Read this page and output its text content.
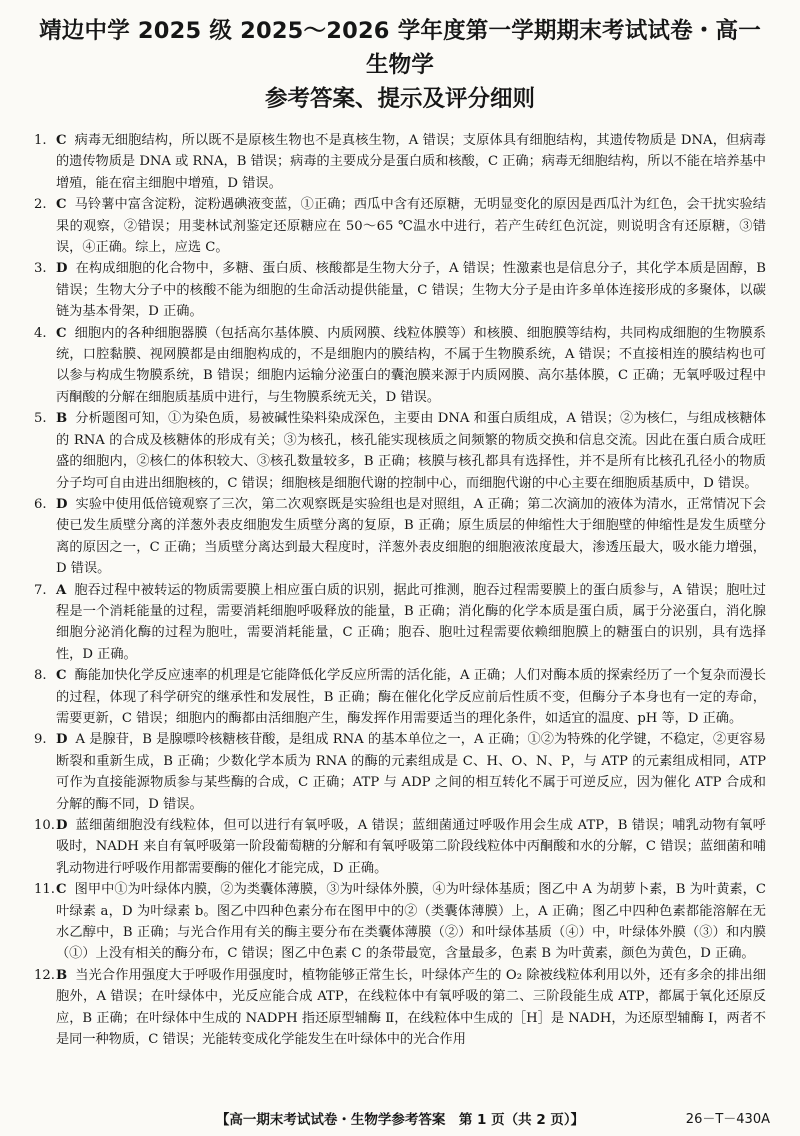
靖边中学 2025 级 2025～2026 学年度第一学期期末考试试卷・高一生物学
参考答案、提示及评分细则

1. C 病毒无细胞结构，所以既不是原核生物也不是真核生物，A 错误；支原体具有细胞结构，其遗传物质是 DNA，但病毒的遗传物质是 DNA 或 RNA，B 错误；病毒的主要成分是蛋白质和核酸，C 正确；病毒无细胞结构，所以不能在培养基中增殖，能在宿主细胞中增殖，D 错误。

2. C 马铃薯中富含淀粉，淀粉遇碘液变蓝，①正确；西瓜中含有还原糖，无明显变化的原因是西瓜汁为红色，会干扰实验结果的观察，②错误；用斐林试剂鉴定还原糖应在 50～65 ℃温水中进行，若产生砖红色沉淀，则说明含有还原糖，③错误，④正确。综上，应选 C。

3. D 在构成细胞的化合物中，多糖、蛋白质、核酸都是生物大分子，A 错误；性激素也是信息分子，其化学本质是固醇，B 错误；生物大分子中的核酸不能为细胞的生命活动提供能量，C 错误；生物大分子是由许多单体连接形成的多聚体，以碳链为基本骨架，D 正确。

4. C 细胞内的各种细胞器膜（包括高尔基体膜、内质网膜、线粒体膜等）和核膜、细胞膜等结构，共同构成细胞的生物膜系统，口腔黏膜、视网膜都是由细胞构成的，不是细胞内的膜结构，不属于生物膜系统，A 错误；不直接相连的膜结构也可以参与构成生物膜系统，B 错误；细胞内运输分泌蛋白的囊泡膜来源于内质网膜、高尔基体膜，C 正确；无氧呼吸过程中丙酮酸的分解在细胞质基质中进行，与生物膜系统无关，D 错误。

5. B 分析题图可知，①为染色质，易被碱性染料染成深色，主要由 DNA 和蛋白质组成，A 错误；②为核仁，与组成核糖体的 RNA 的合成及核糖体的形成有关；③为核孔，核孔能实现核质之间频繁的物质交换和信息交流。因此在蛋白质合成旺盛的细胞内，②核仁的体积较大、③核孔数量较多，B 正确；核膜与核孔都具有选择性，并不是所有比核孔孔径小的物质分子均可自由进出细胞核的，C 错误；细胞核是细胞代谢的控制中心，而细胞代谢的中心主要在细胞质基质中，D 错误。

6. D 实验中使用低倍镜观察了三次，第二次观察既是实验组也是对照组，A 正确；第二次滴加的液体为清水，正常情况下会使已发生质壁分离的洋葱外表皮细胞发生质壁分离的复原，B 正确；原生质层的伸缩性大于细胞壁的伸缩性是发生质壁分离的原因之一，C 正确；当质壁分离达到最大程度时，洋葱外表皮细胞的细胞液浓度最大，渗透压最大，吸水能力增强，D 错误。

7. A 胞吞过程中被转运的物质需要膜上相应蛋白质的识别，据此可推测，胞吞过程需要膜上的蛋白质参与，A 错误；胞吐过程是一个消耗能量的过程，需要消耗细胞呼吸释放的能量，B 正确；消化酶的化学本质是蛋白质，属于分泌蛋白，消化腺细胞分泌消化酶的过程为胞吐，需要消耗能量，C 正确；胞吞、胞吐过程需要依赖细胞膜上的糖蛋白的识别，具有选择性，D 正确。

8. C 酶能加快化学反应速率的机理是它能降低化学反应所需的活化能，A 正确；人们对酶本质的探索经历了一个复杂而漫长的过程，体现了科学研究的继承性和发展性，B 正确；酶在催化化学反应前后性质不变，但酶分子本身也有一定的寿命，需要更新，C 错误；细胞内的酶都由活细胞产生，酶发挥作用需要适当的理化条件，如适宜的温度、pH 等，D 正确。

9. D A 是腺苷，B 是腺嘌呤核糖核苷酸，是组成 RNA 的基本单位之一，A 正确；①②为特殊的化学键，不稳定，②更容易断裂和重新生成，B 正确；少数化学本质为 RNA 的酶的元素组成是 C、H、O、N、P，与 ATP 的元素组成相同，ATP 可作为直接能源物质参与某些酶的合成，C 正确；ATP 与 ADP 之间的相互转化不属于可逆反应，因为催化 ATP 合成和分解的酶不同，D 错误。

10.D 蓝细菌细胞没有线粒体，但可以进行有氧呼吸，A 错误；蓝细菌通过呼吸作用会生成 ATP，B 错误；哺乳动物有氧呼吸时，NADH 来自有氧呼吸第一阶段葡萄糖的分解和有氧呼吸第二阶段线粒体中丙酮酸和水的分解，C 错误；蓝细菌和哺乳动物进行呼吸作用都需要酶的催化才能完成，D 正确。

11.C 图甲中①为叶绿体内膜，②为类囊体薄膜，③为叶绿体外膜，④为叶绿体基质；图乙中 A 为胡萝卜素，B 为叶黄素，C 叶绿素 a，D 为叶绿素 b。图乙中四种色素分布在图甲中的②（类囊体薄膜）上，A 正确；图乙中四种色素都能溶解在无水乙醇中，B 正确；与光合作用有关的酶主要分布在类囊体薄膜（②）和叶绿体基质（④）中，叶绿体外膜（③）和内膜（①）上没有相关的酶分布，C 错误；图乙中色素 C 的条带最宽，含量最多，色素 B 为叶黄素，颜色为黄色，D 正确。

12.B 当光合作用强度大于呼吸作用强度时，植物能够正常生长，叶绿体产生的 O₂ 除被线粒体利用以外，还有多余的排出细胞外，A 错误；在叶绿体中，光反应能合成 ATP，在线粒体中有氧呼吸的第二、三阶段能生成 ATP，都属于氧化还原反应，B 正确；在叶绿体中生成的 NADPH 指还原型辅酶 Ⅱ，在线粒体中生成的［H］是 NADH，为还原型辅酶 Ⅰ，两者不是同一种物质，C 错误；光能转变成化学能发生在叶绿体中的光合作用

【高一期末考试试卷・生物学参考答案　第 1 页（共 2 页）】	26－T－430A
